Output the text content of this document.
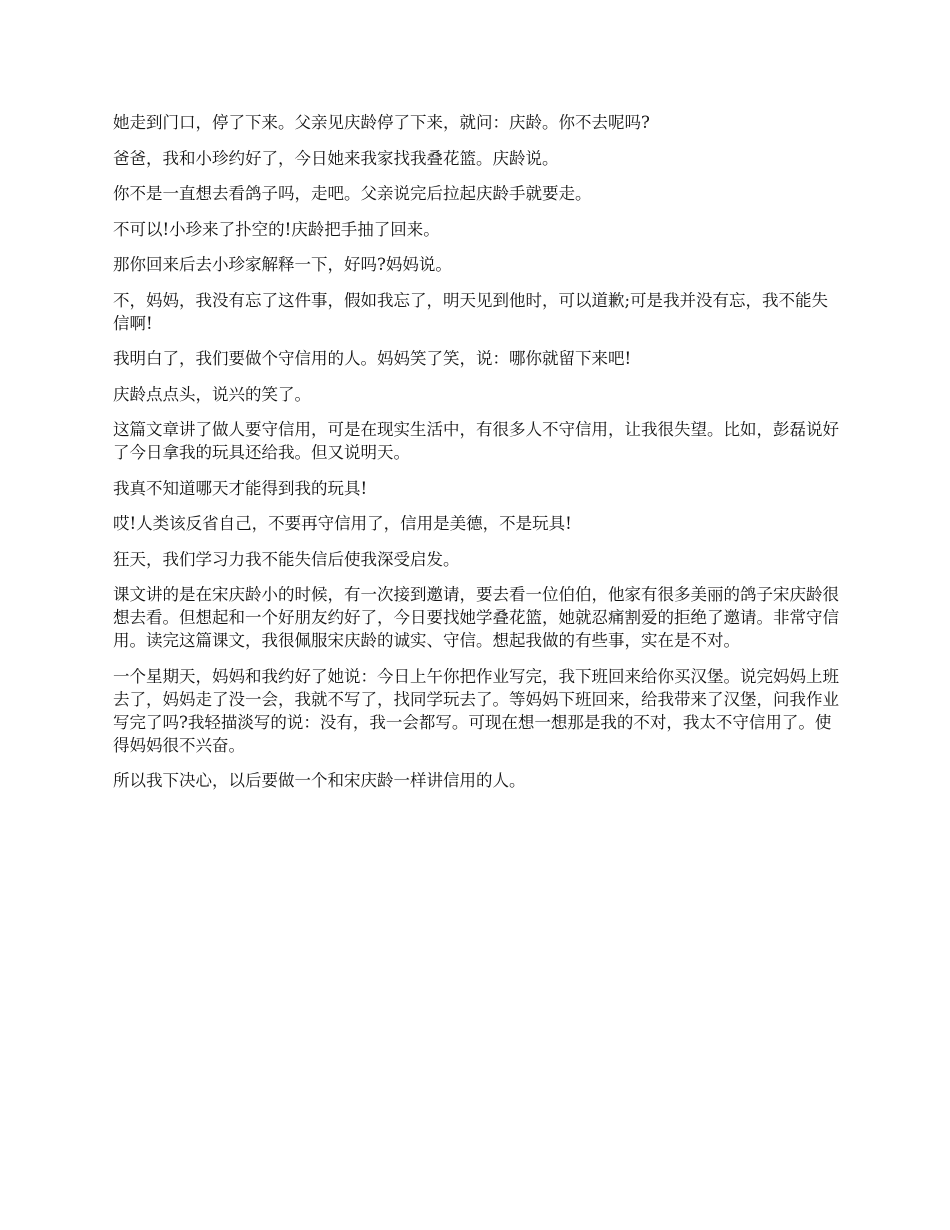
她走到门口，停了下来。父亲见庆龄停了下来，就问：庆龄。你不去呢吗?

爸爸，我和小珍约好了，今日她来我家找我叠花篮。庆龄说。

你不是一直想去看鸽子吗，走吧。父亲说完后拉起庆龄手就要走。

不可以!小珍来了扑空的!庆龄把手抽了回来。

那你回来后去小珍家解释一下，好吗?妈妈说。

不，妈妈，我没有忘了这件事，假如我忘了，明天见到他时，可以道歉;可是我并没有忘，我不能失信啊!

我明白了，我们要做个守信用的人。妈妈笑了笑，说：哪你就留下来吧!

庆龄点点头，说兴的笑了。

这篇文章讲了做人要守信用，可是在现实生活中，有很多人不守信用，让我很失望。比如，彭磊说好了今日拿我的玩具还给我。但又说明天。

我真不知道哪天才能得到我的玩具!

哎!人类该反省自己，不要再守信用了，信用是美德，不是玩具!

狂天，我们学习力我不能失信后使我深受启发。

课文讲的是在宋庆龄小的时候，有一次接到邀请，要去看一位伯伯，他家有很多美丽的鸽子宋庆龄很想去看。但想起和一个好朋友约好了，今日要找她学叠花篮，她就忍痛割爱的拒绝了邀请。非常守信用。读完这篇课文，我很佩服宋庆龄的诚实、守信。想起我做的有些事，实在是不对。

一个星期天，妈妈和我约好了她说：今日上午你把作业写完，我下班回来给你买汉堡。说完妈妈上班去了，妈妈走了没一会，我就不写了，找同学玩去了。等妈妈下班回来，给我带来了汉堡，问我作业写完了吗?我轻描淡写的说：没有，我一会都写。可现在想一想那是我的不对，我太不守信用了。使得妈妈很不兴奋。

所以我下决心，以后要做一个和宋庆龄一样讲信用的人。
